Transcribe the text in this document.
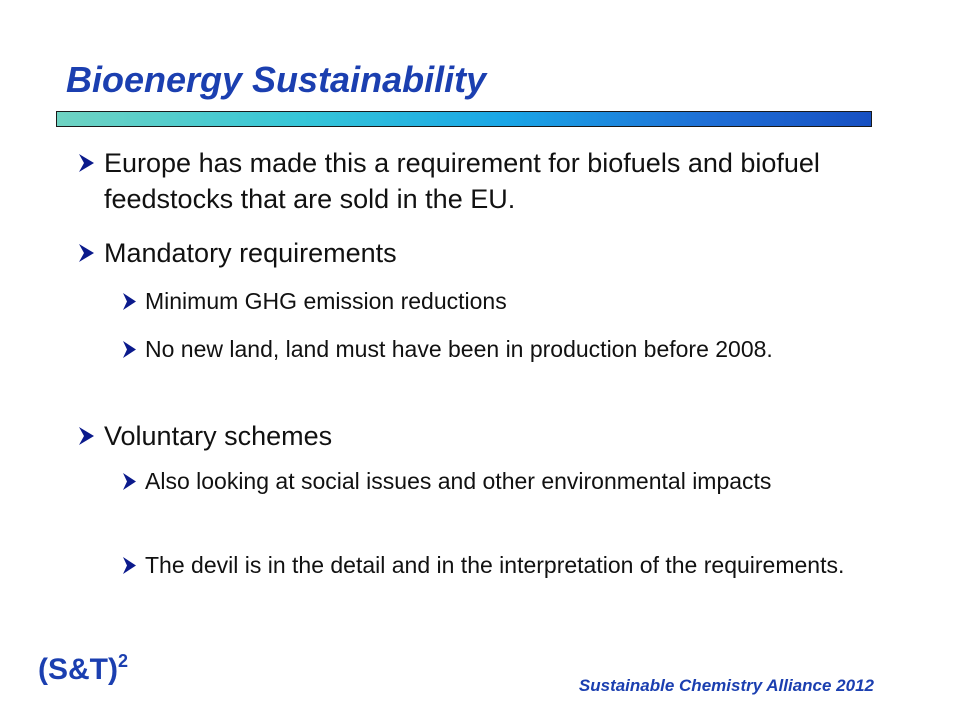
Bioenergy Sustainability
Europe has made this a requirement for biofuels and biofuel feedstocks that are sold in the EU.
Mandatory requirements
Minimum GHG emission reductions
No new land, land must have been in production before 2008.
Voluntary schemes
Also looking at social issues and other environmental impacts
The devil is in the detail and in the interpretation of the requirements.
(S&T)$^2$
Sustainable Chemistry Alliance 2012
